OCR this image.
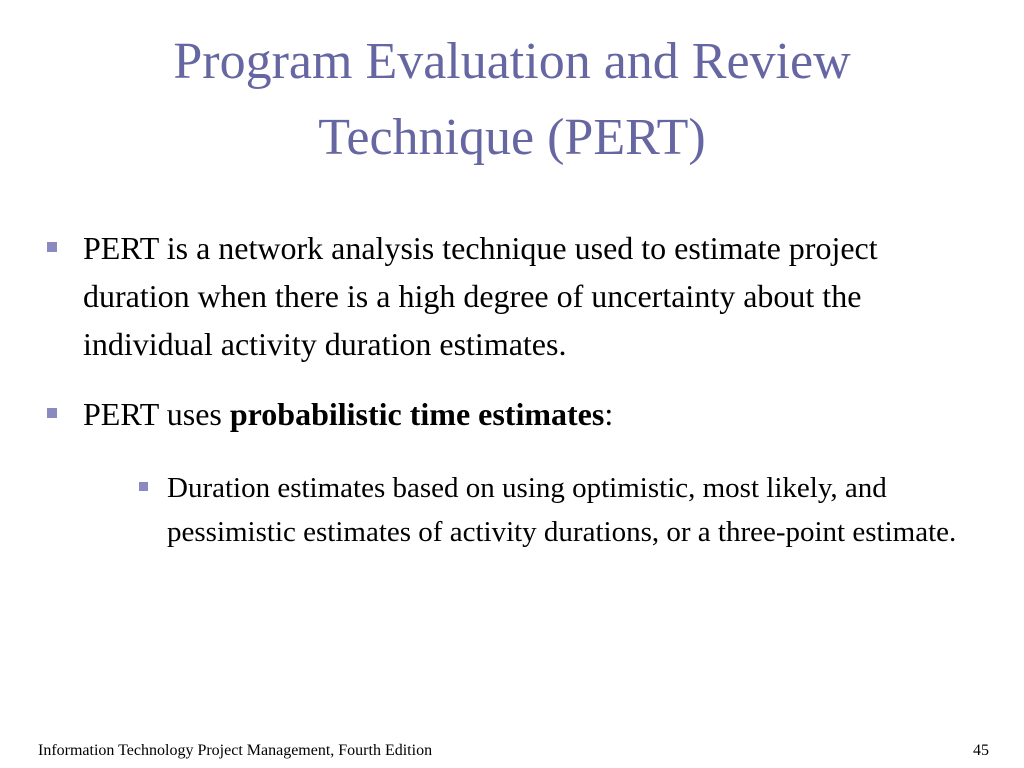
Program Evaluation and Review
Technique (PERT)
PERT is a network analysis technique used to estimate project duration when there is a high degree of uncertainty about the individual activity duration estimates.
PERT uses probabilistic time estimates:
Duration estimates based on using optimistic, most likely, and pessimistic estimates of activity durations, or a three-point estimate.
Information Technology Project Management, Fourth Edition	45
